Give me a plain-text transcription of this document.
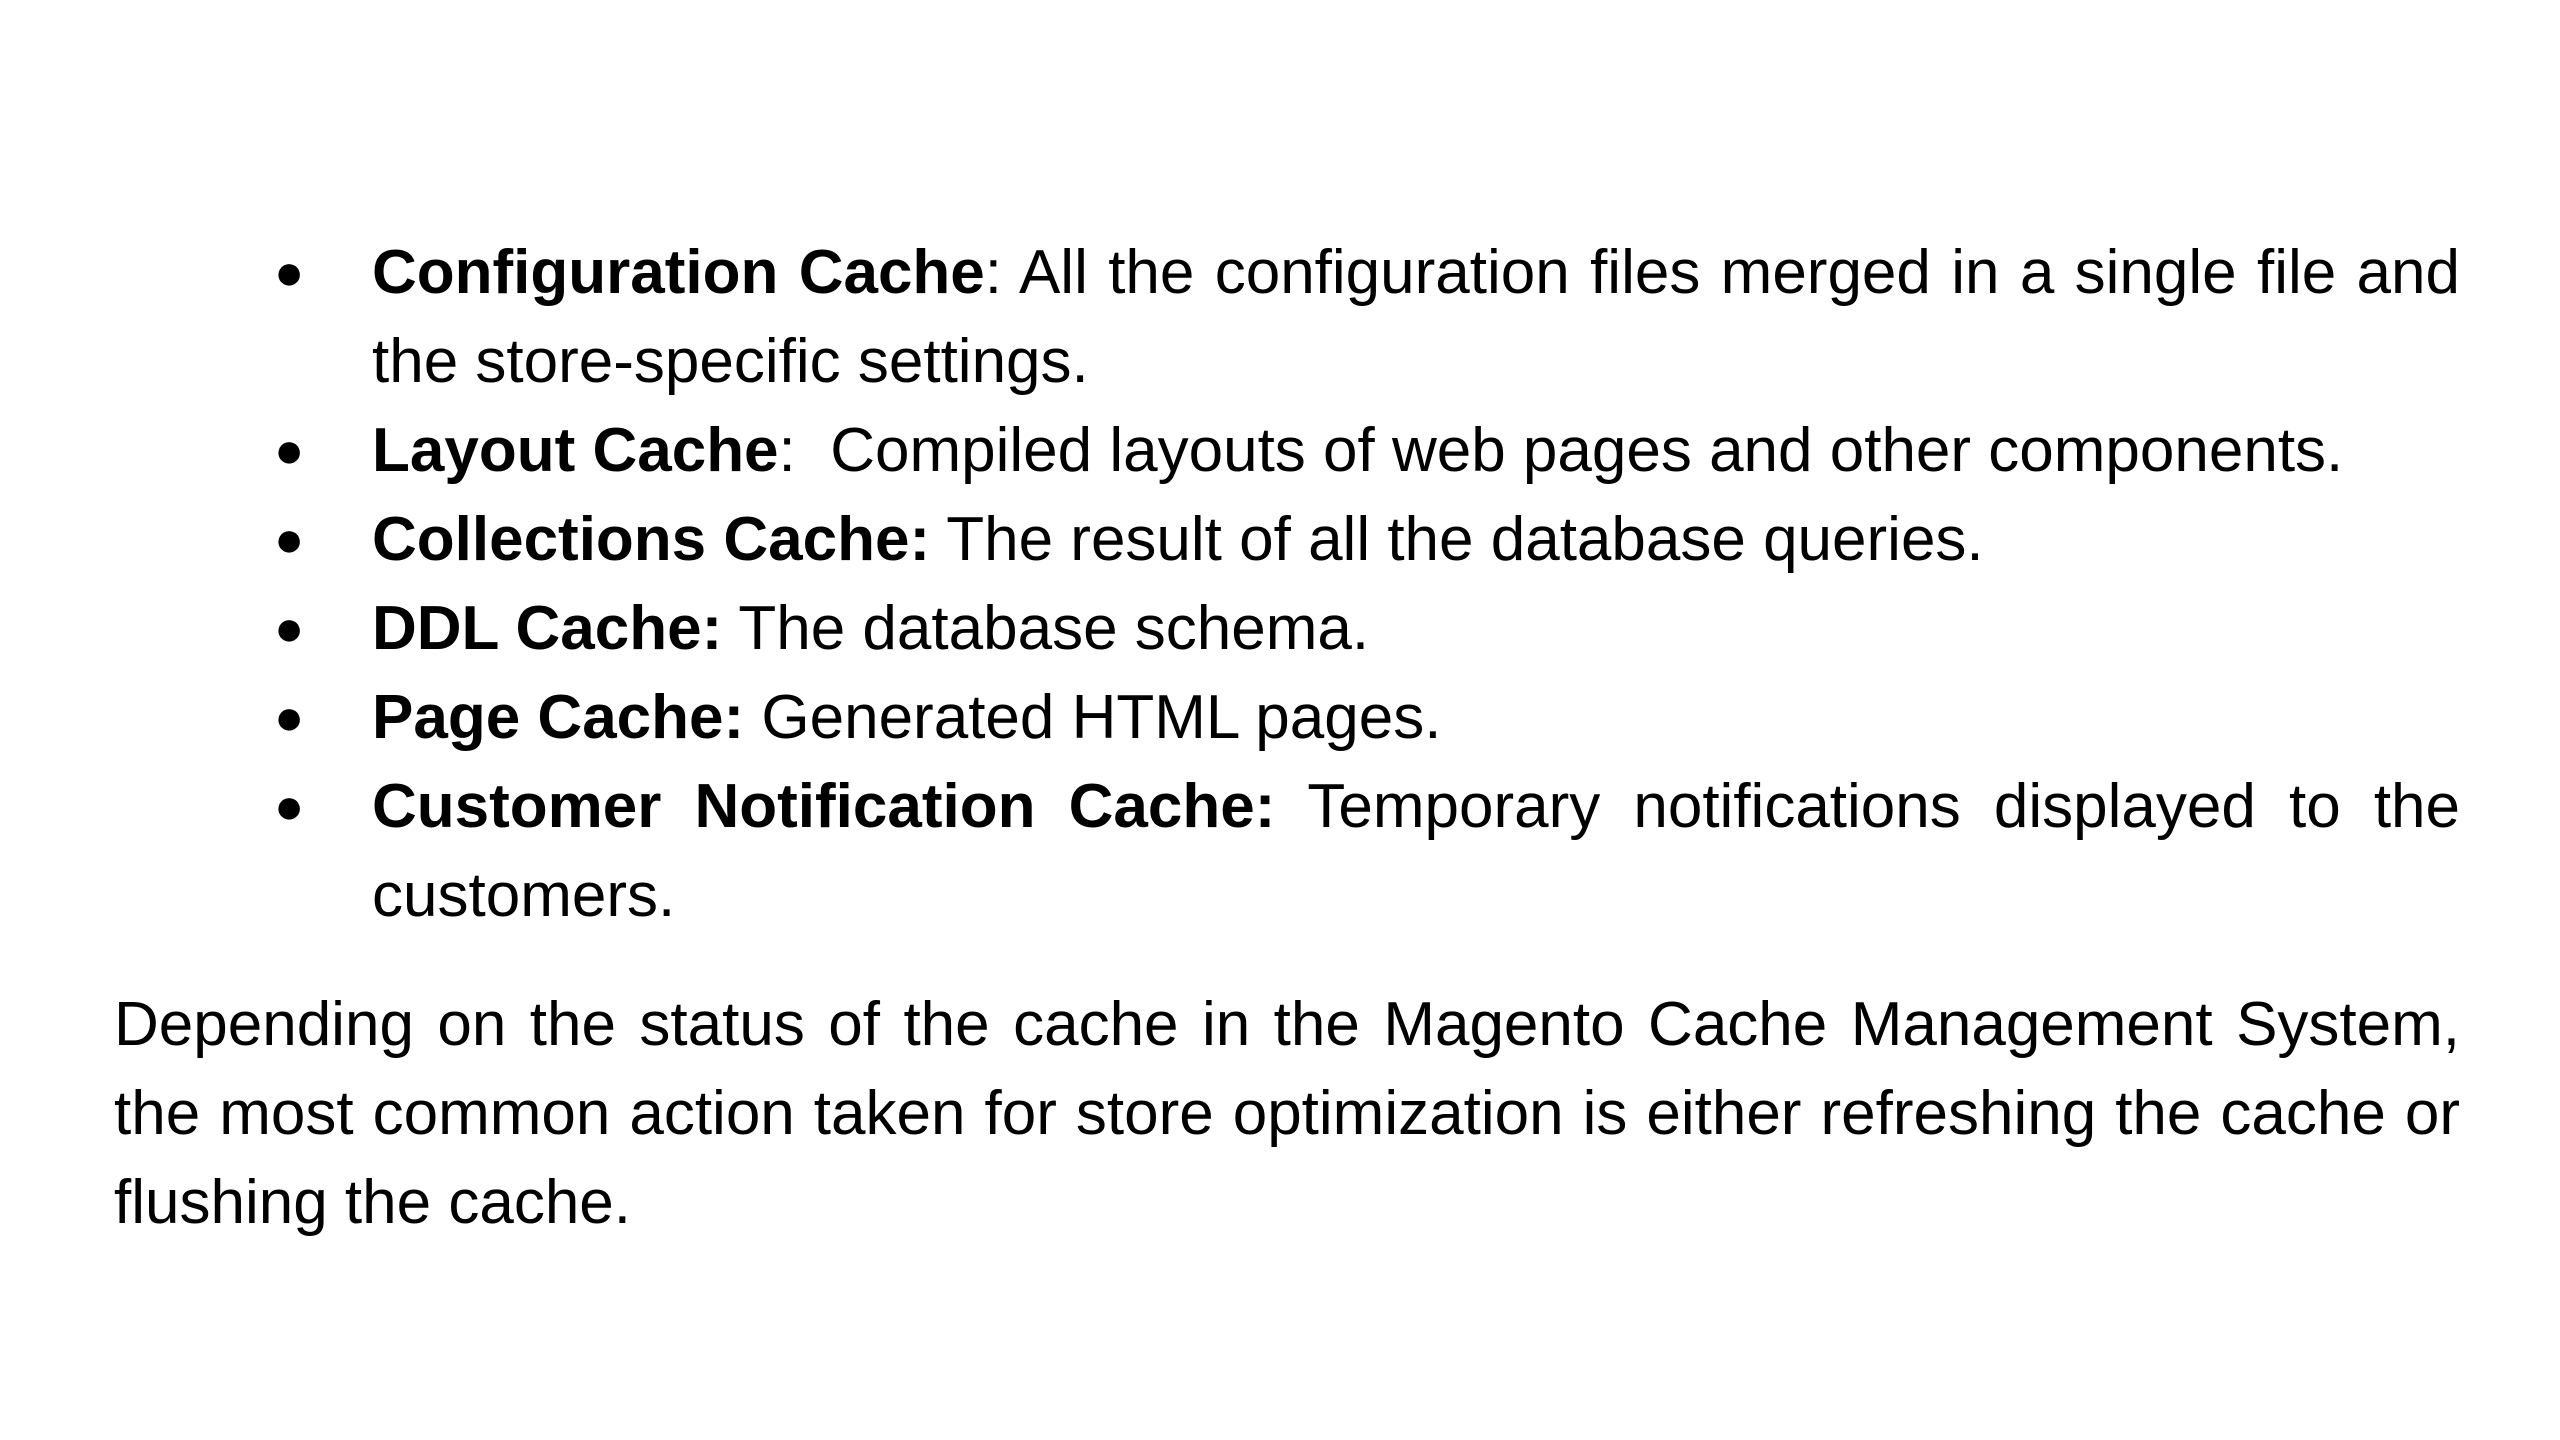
● Configuration Cache: All the configuration files merged in a single file and the store-specific settings.
● Layout Cache:  Compiled layouts of web pages and other components.
● Collections Cache: The result of all the database queries.
● DDL Cache: The database schema.
● Page Cache: Generated HTML pages.
● Customer Notification Cache: Temporary notifications displayed to the customers.

Depending on the status of the cache in the Magento Cache Management System, the most common action taken for store optimization is either refreshing the cache or flushing the cache.
